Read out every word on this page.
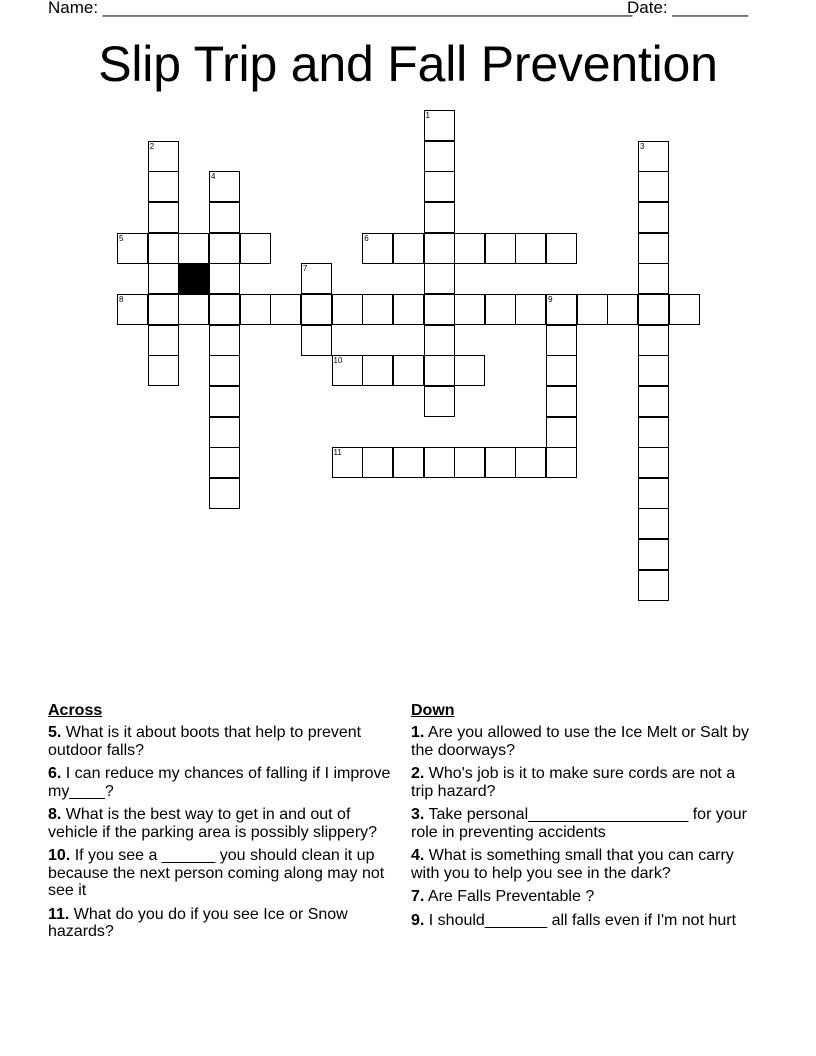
Name: ________________________________________________________
Date: ________
Slip Trip and Fall Prevention
1
2	3
4
7
9
5	6
8
10
11
Across
5. What is it about boots that help to prevent outdoor falls?
6. I can reduce my chances of falling if I improve my____?
8. What is the best way to get in and out of vehicle if the parking area is possibly slippery?
10. If you see a ______ you should clean it up because the next person coming along may not see it
11. What do you do if you see Ice or Snow hazards?
Down
1. Are you allowed to use the Ice Melt or Salt by the doorways?
2. Who's job is it to make sure cords are not a trip hazard?
3. Take personal__________________ for your role in preventing accidents
4. What is something small that you can carry with you to help you see in the dark?
7. Are Falls Preventable ?
9. I should_______ all falls even if I'm not hurt
